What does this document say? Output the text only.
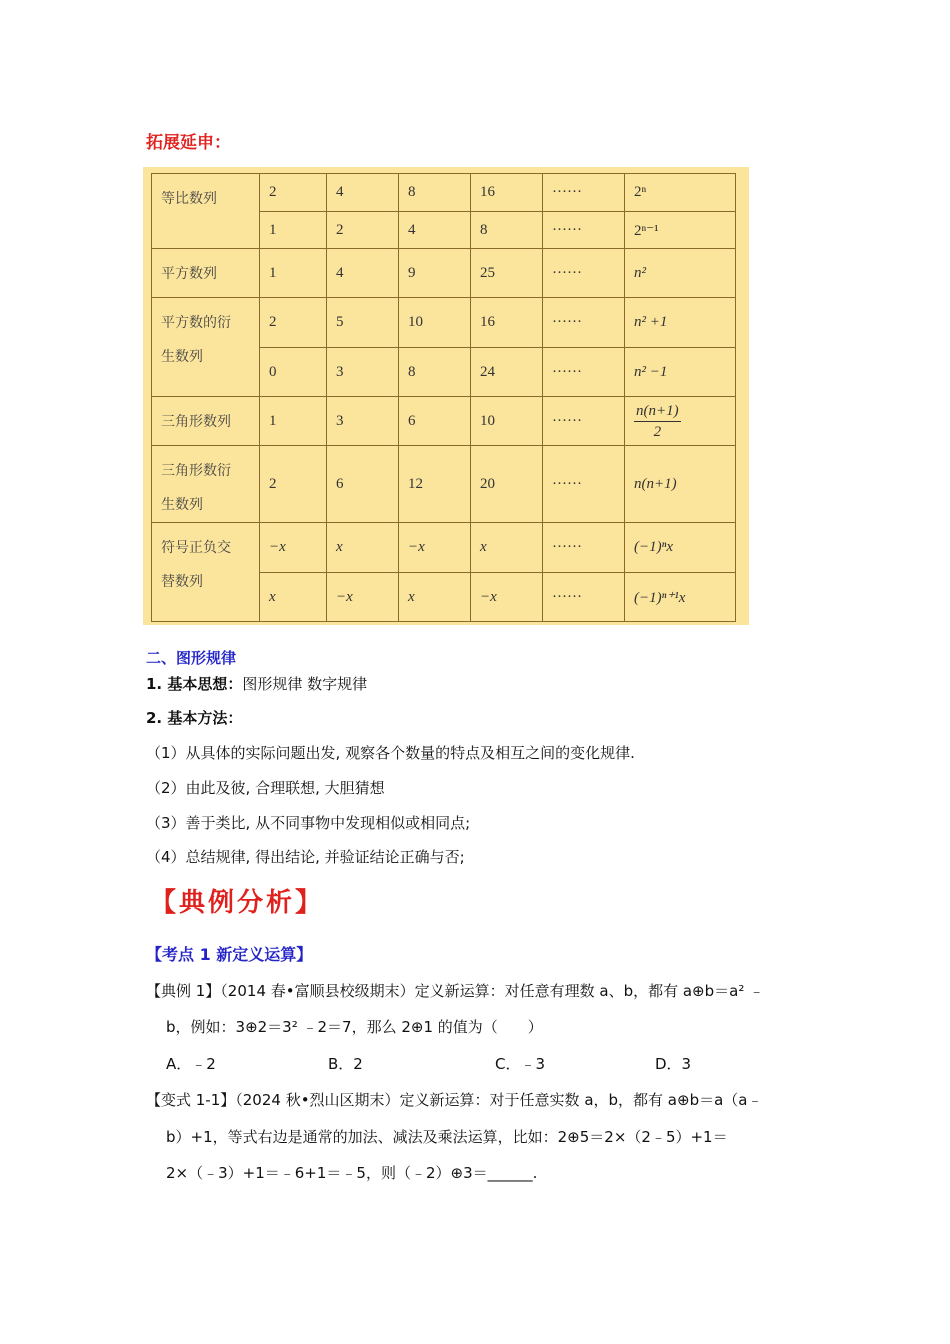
拓展延申：
等比数列	2	4	8	16	······	2ⁿ
	1	2	4	8	······	2ⁿ⁻¹

平方数列	1	4	9	25	······	n²

平方数的衍
生数列	2	5	10	16	······	n² +1
	0	3	8	24	······	n² −1

三角形数列	1	3	6	10	······	$\frac{n(n+1)}{2}$

三角形数衍
生数列	2	6	12	20	······	n(n+1)

符号正负交
替数列	−x	x	−x	x	······	(−1)ⁿx
	x	−x	x	−x	······	(−1)ⁿ⁺¹x
二、图形规律
1. 基本思想：图形规律 数字规律
2. 基本方法：
（1）从具体的实际问题出发, 观察各个数量的特点及相互之间的变化规律.
（2）由此及彼, 合理联想, 大胆猜想
（3）善于类比, 从不同事物中发现相似或相同点;
（4）总结规律, 得出结论, 并验证结论正确与否;
【典例分析】
【考点 1 新定义运算】
【典例 1】（2014 春•富顺县校级期末）定义新运算：对任意有理数 a、b，都有 a⊕b＝a² ﹣
b，例如：3⊕2＝3² ﹣2＝7，那么 2⊕1 的值为（　　）
A．﹣2	B．2	C．﹣3	D．3
【变式 1-1】（2024 秋•烈山区期末）定义新运算：对于任意实数 a，b，都有 a⊕b＝a（a﹣
b）+1，等式右边是通常的加法、减法及乘法运算，比如：2⊕5＝2×（2﹣5）+1＝
2×（﹣3）+1＝﹣6+1＝﹣5，则（﹣2）⊕3＝______.
